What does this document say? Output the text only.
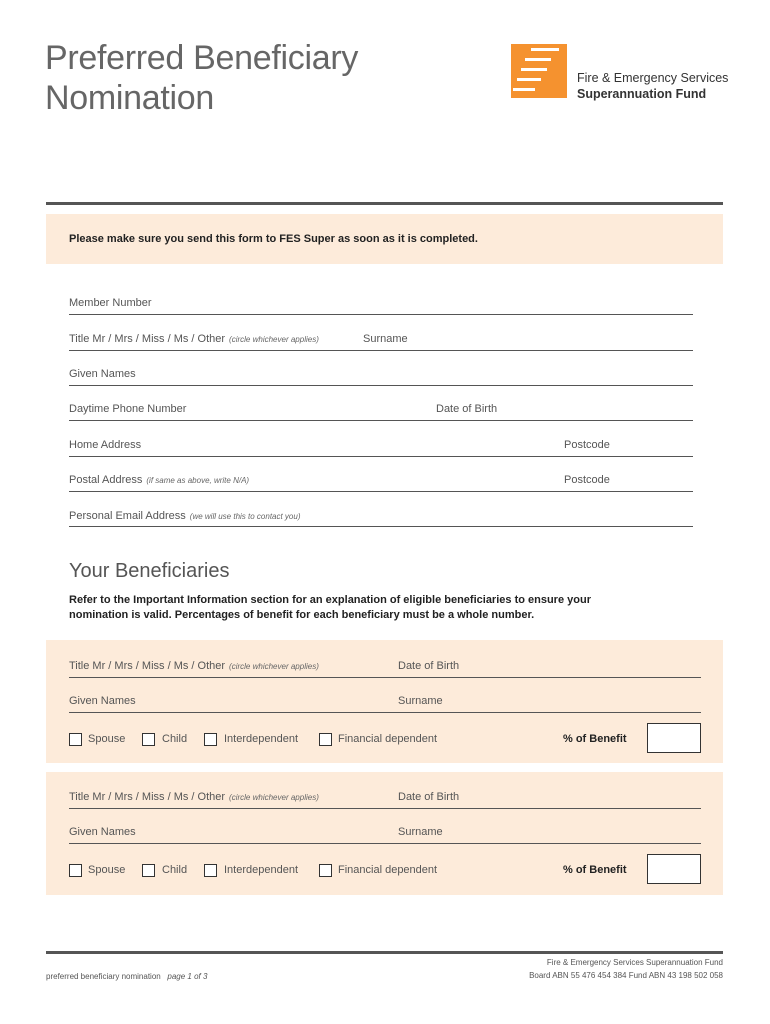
Preferred Beneficiary
Nomination
Fire & Emergency Services
Superannuation Fund
Please make sure you send this form to FES Super as soon as it is completed.
Member Number
Title Mr / Mrs / Miss / Ms / Other (circle whichever applies)	Surname
Given Names
Daytime Phone Number	Date of Birth
Home Address	Postcode
Postal Address (if same as above, write N/A)	Postcode
Personal Email Address (we will use this to contact you)
Your Beneficiaries
Refer to the Important Information section for an explanation of eligible beneficiaries to ensure your
nomination is valid. Percentages of benefit for each beneficiary must be a whole number.
Title Mr / Mrs / Miss / Ms / Other (circle whichever applies)	Date of Birth
Given Names	Surname
Spouse	Child	Interdependent	Financial dependent	% of Benefit
Title Mr / Mrs / Miss / Ms / Other (circle whichever applies)	Date of Birth
Given Names	Surname
Spouse	Child	Interdependent	Financial dependent	% of Benefit
preferred beneficiary nomination page 1 of 3
Fire & Emergency Services Superannuation Fund
Board ABN 55 476 454 384 Fund ABN 43 198 502 058
